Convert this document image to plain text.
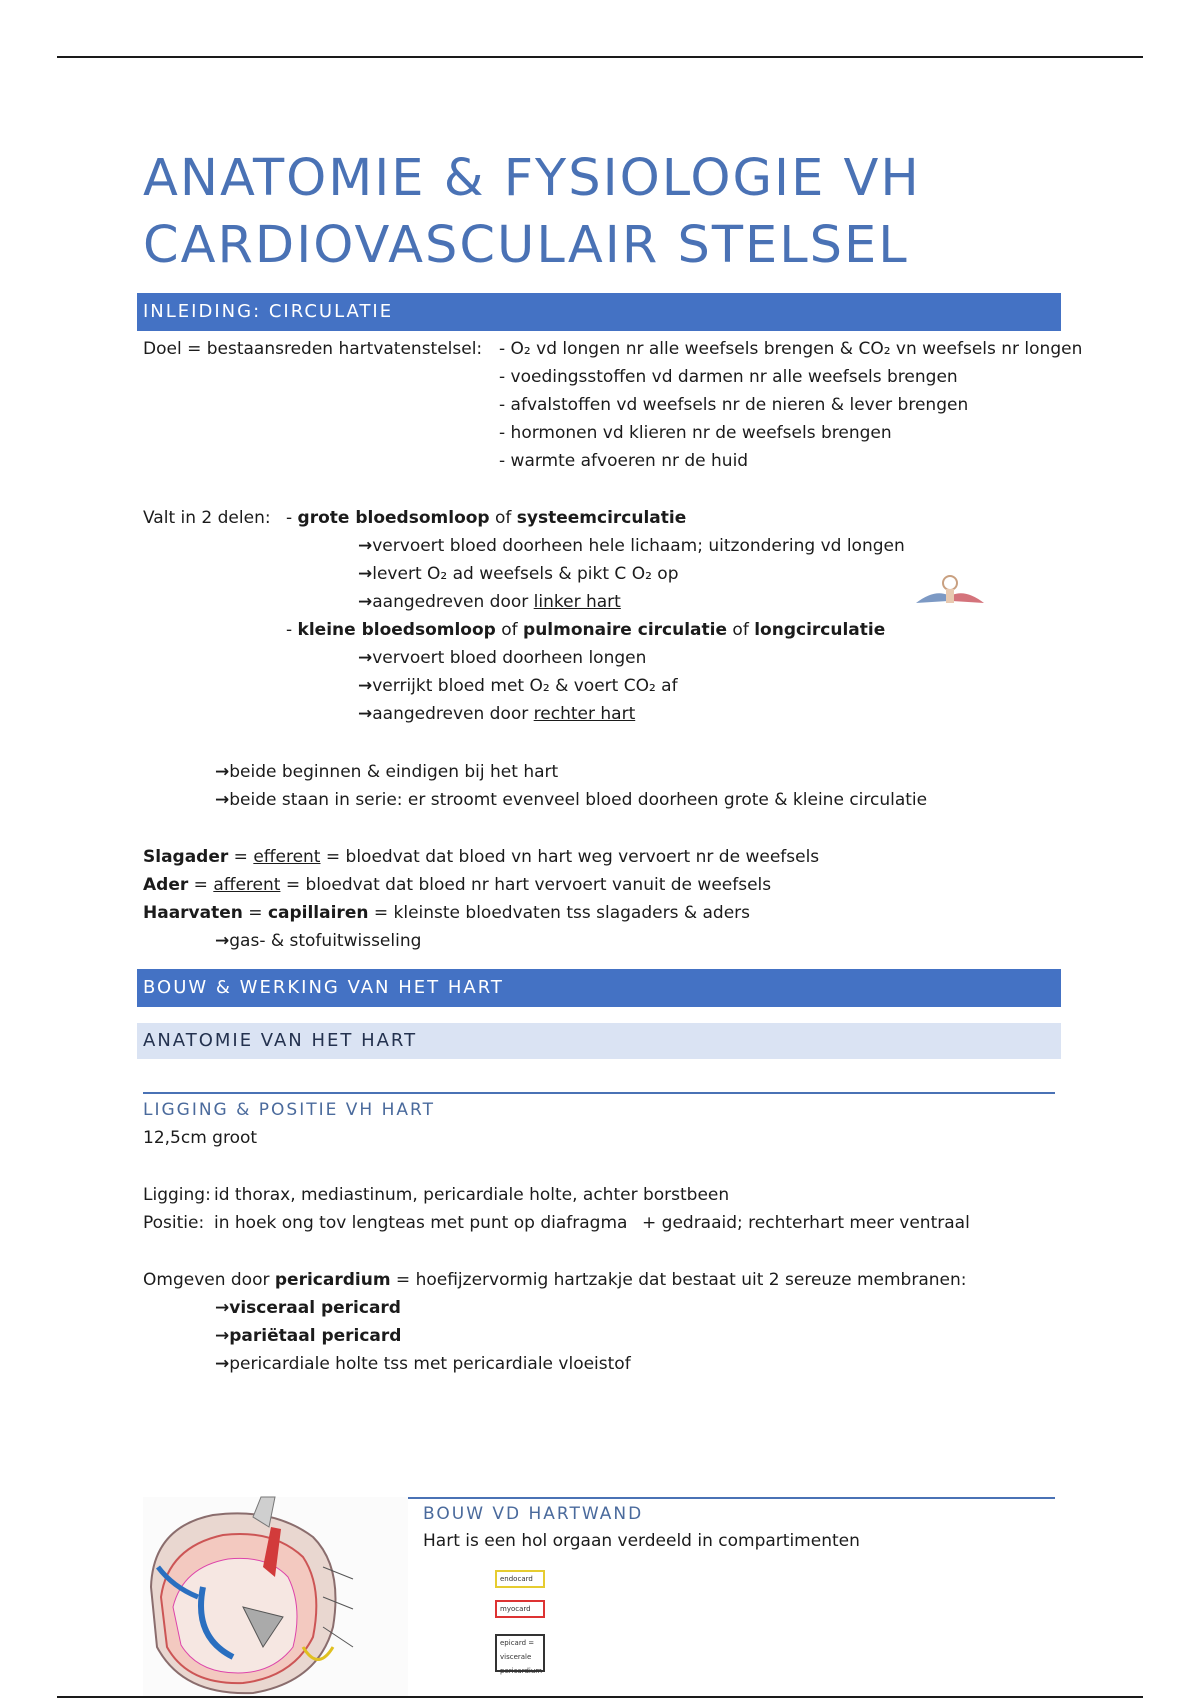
ANATOMIE & FYSIOLOGIE VH
CARDIOVASCULAIR STELSEL
INLEIDING: CIRCULATIE
Doel = bestaansreden hartvatenstelsel: - O₂ vd longen nr alle weefsels brengen & CO₂ vn weefsels nr longen
- voedingsstoffen vd darmen nr alle weefsels brengen
- afvalstoffen vd weefsels nr de nieren & lever brengen
- hormonen vd klieren nr de weefsels brengen
- warmte afvoeren nr de huid
Valt in 2 delen: - grote bloedsomloop of systeemcirculatie
→ vervoert bloed doorheen hele lichaam; uitzondering vd longen
→ levert O₂ ad weefsels & pikt C O₂ op
→ aangedreven door linker hart
- kleine bloedsomloop of pulmonaire circulatie of longcirculatie
→ vervoert bloed doorheen longen
→ verrijkt bloed met O₂ & voert CO₂ af
→ aangedreven door rechter hart
→ beide beginnen & eindigen bij het hart
→ beide staan in serie: er stroomt evenveel bloed doorheen grote & kleine circulatie
Slagader = efferent = bloedvat dat bloed vn hart weg vervoert nr de weefsels
Ader = afferent = bloedvat dat bloed nr hart vervoert vanuit de weefsels
Haarvaten = capillairen = kleinste bloedvaten tss slagaders & aders
→ gas- & stofuitwisseling
BOUW & WERKING VAN HET HART
ANATOMIE VAN HET HART
LIGGING & POSITIE VH HART
12,5cm groot
Ligging: id thorax, mediastinum, pericardiale holte, achter borstbeen
Positie: in hoek ong tov lengteas met punt op diafragma + gedraaid; rechterhart meer ventraal
Omgeven door pericardium = hoefijzervormig hartzakje dat bestaat uit 2 sereuze membranen:
→ visceraal pericard
→ pariëtaal pericard
→ pericardiale holte tss met pericardiale vloeistof
endocard
myocard
epicard = viscerale pericardium
BOUW VD HARTWAND
Hart is een hol orgaan verdeeld in compartimenten
